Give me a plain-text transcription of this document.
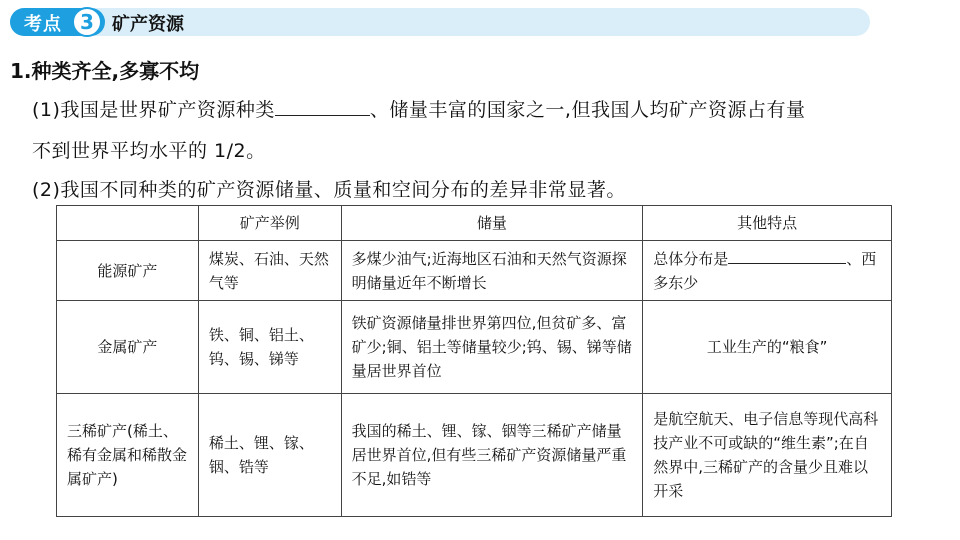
考点 3	矿产资源
1.种类齐全,多寡不均
(1)我国是世界矿产资源种类	、储量丰富的国家之一,但我国人均矿产资源占有量
不到世界平均水平的 1/2。
(2)我国不同种类的矿产资源储量、质量和空间分布的差异非常显著。
	矿产举例	储量	其他特点
能源矿产	煤炭、石油、天然气等	多煤少油气;近海地区石油和天然气资源探明储量近年不断增长	总体分布是 、西多东少
金属矿产	铁、铜、铝土、钨、锡、锑等	铁矿资源储量排世界第四位,但贫矿多、富矿少;铜、铝土等储量较少;钨、锡、锑等储量居世界首位	工业生产的“粮食”
三稀矿产(稀土、稀有金属和稀散金属矿产)	稀土、锂、镓、铟、锆等	我国的稀土、锂、镓、铟等三稀矿产储量居世界首位,但有些三稀矿产资源储量严重不足,如锆等	是航空航天、电子信息等现代高科技产业不可或缺的“维生素”;在自然界中,三稀矿产的含量少且难以开采
